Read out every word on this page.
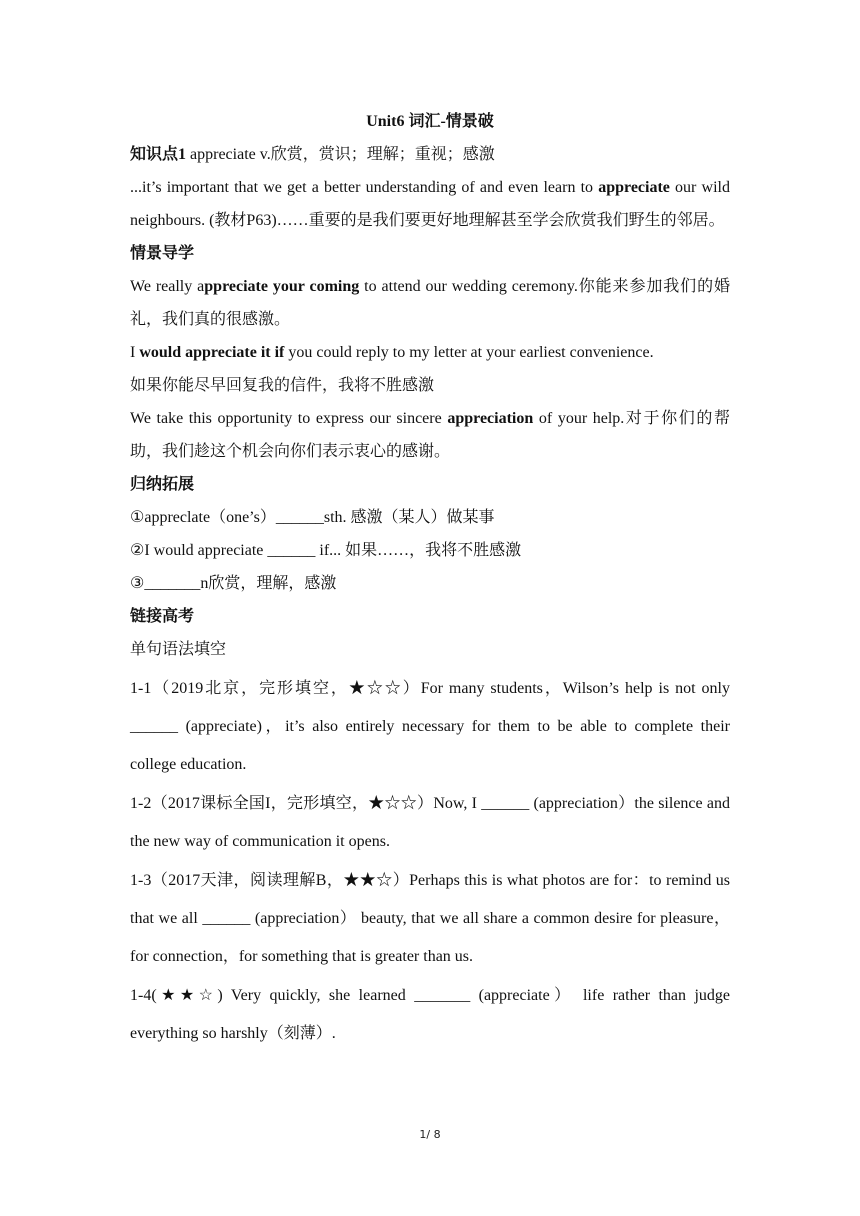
Unit6 词汇-情景破

知识点1 appreciate v.欣赏，赏识；理解；重视；感激

...it’s important that we get a better understanding of and even learn to appreciate our wild neighbours. (教材P63)……重要的是我们要更好地理解甚至学会欣赏我们野生的邻居。

情景导学

We really appreciate your coming to attend our wedding ceremony.你能来参加我们的婚礼，我们真的很感激。

I would appreciate it if you could reply to my letter at your earliest convenience.

如果你能尽早回复我的信件，我将不胜感激

We take this opportunity to express our sincere appreciation of your help.对于你们的帮助，我们趁这个机会向你们表示衷心的感谢。

归纳拓展

①appreclate（one’s）______sth. 感激（某人）做某事

②I would appreciate ______ if... 如果……，我将不胜感激

③_______n欣赏，理解，感激

链接高考

单句语法填空

1-1（2019北京，完形填空，★☆☆）For many students，Wilson’s help is not only ______ (appreciate)，it’s also entirely necessary for them to be able to complete their college education.

1-2（2017课标全国I，完形填空，★☆☆）Now, I ______ (appreciation）the silence and the new way of communication it opens.

1-3（2017天津，阅读理解B，★★☆）Perhaps this is what photos are for：to remind us that we all ______ (appreciation） beauty, that we all share a common desire for pleasure，for connection，for something that is greater than us.

1-4(★★☆) Very quickly, she learned _______ (appreciate） life rather than judge everything so harshly（刻薄）.

1/ 8
